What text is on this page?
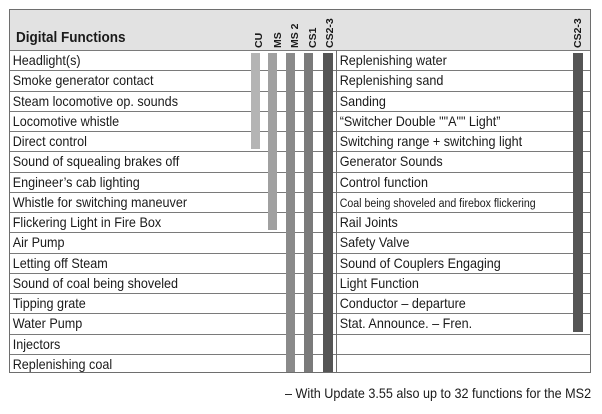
Digital Functions	CU MS MS 2 CS1 CS2-3	CS2-3
Headlight(s)
Smoke generator contact
Steam locomotive op. sounds
Locomotive whistle
Direct control
Sound of squealing brakes off
Engineer’s cab lighting
Whistle for switching maneuver
Flickering Light in Fire Box
Air Pump
Letting off Steam
Sound of coal being shoveled
Tipping grate
Water Pump
Injectors
Replenishing coal
Replenishing water
Replenishing sand
Sanding
“Switcher Double ""A"" Light”
Switching range + switching light
Generator Sounds
Control function
Coal being shoveled and firebox flickering
Rail Joints
Safety Valve
Sound of Couplers Engaging
Light Function
Conductor – departure
Stat. Announce. – Fren.
– With Update 3.55 also up to 32 functions for the MS2
